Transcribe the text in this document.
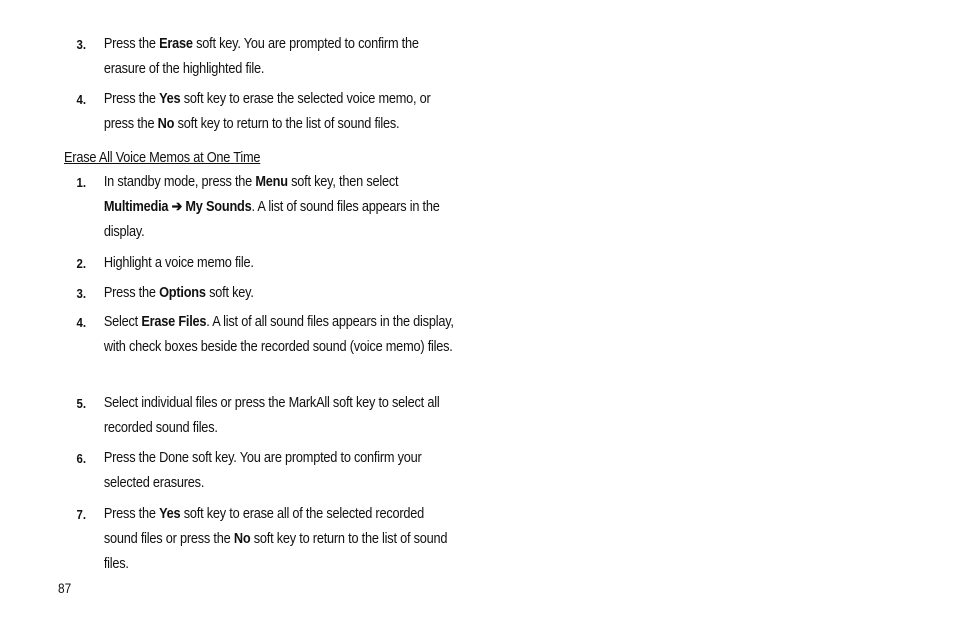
3. Press the Erase soft key. You are prompted to confirm the erasure of the highlighted file.
4. Press the Yes soft key to erase the selected voice memo, or press the No soft key to return to the list of sound files.
Erase All Voice Memos at One Time
1. In standby mode, press the Menu soft key, then select Multimedia ➔ My Sounds. A list of sound files appears in the display.
2. Highlight a voice memo file.
3. Press the Options soft key.
4. Select Erase Files. A list of all sound files appears in the display, with check boxes beside the recorded sound (voice memo) files.
5. Select individual files or press the MarkAll soft key to select all recorded sound files.
6. Press the Done soft key. You are prompted to confirm your selected erasures.
7. Press the Yes soft key to erase all of the selected recorded sound files or press the No soft key to return to the list of sound files.
87
